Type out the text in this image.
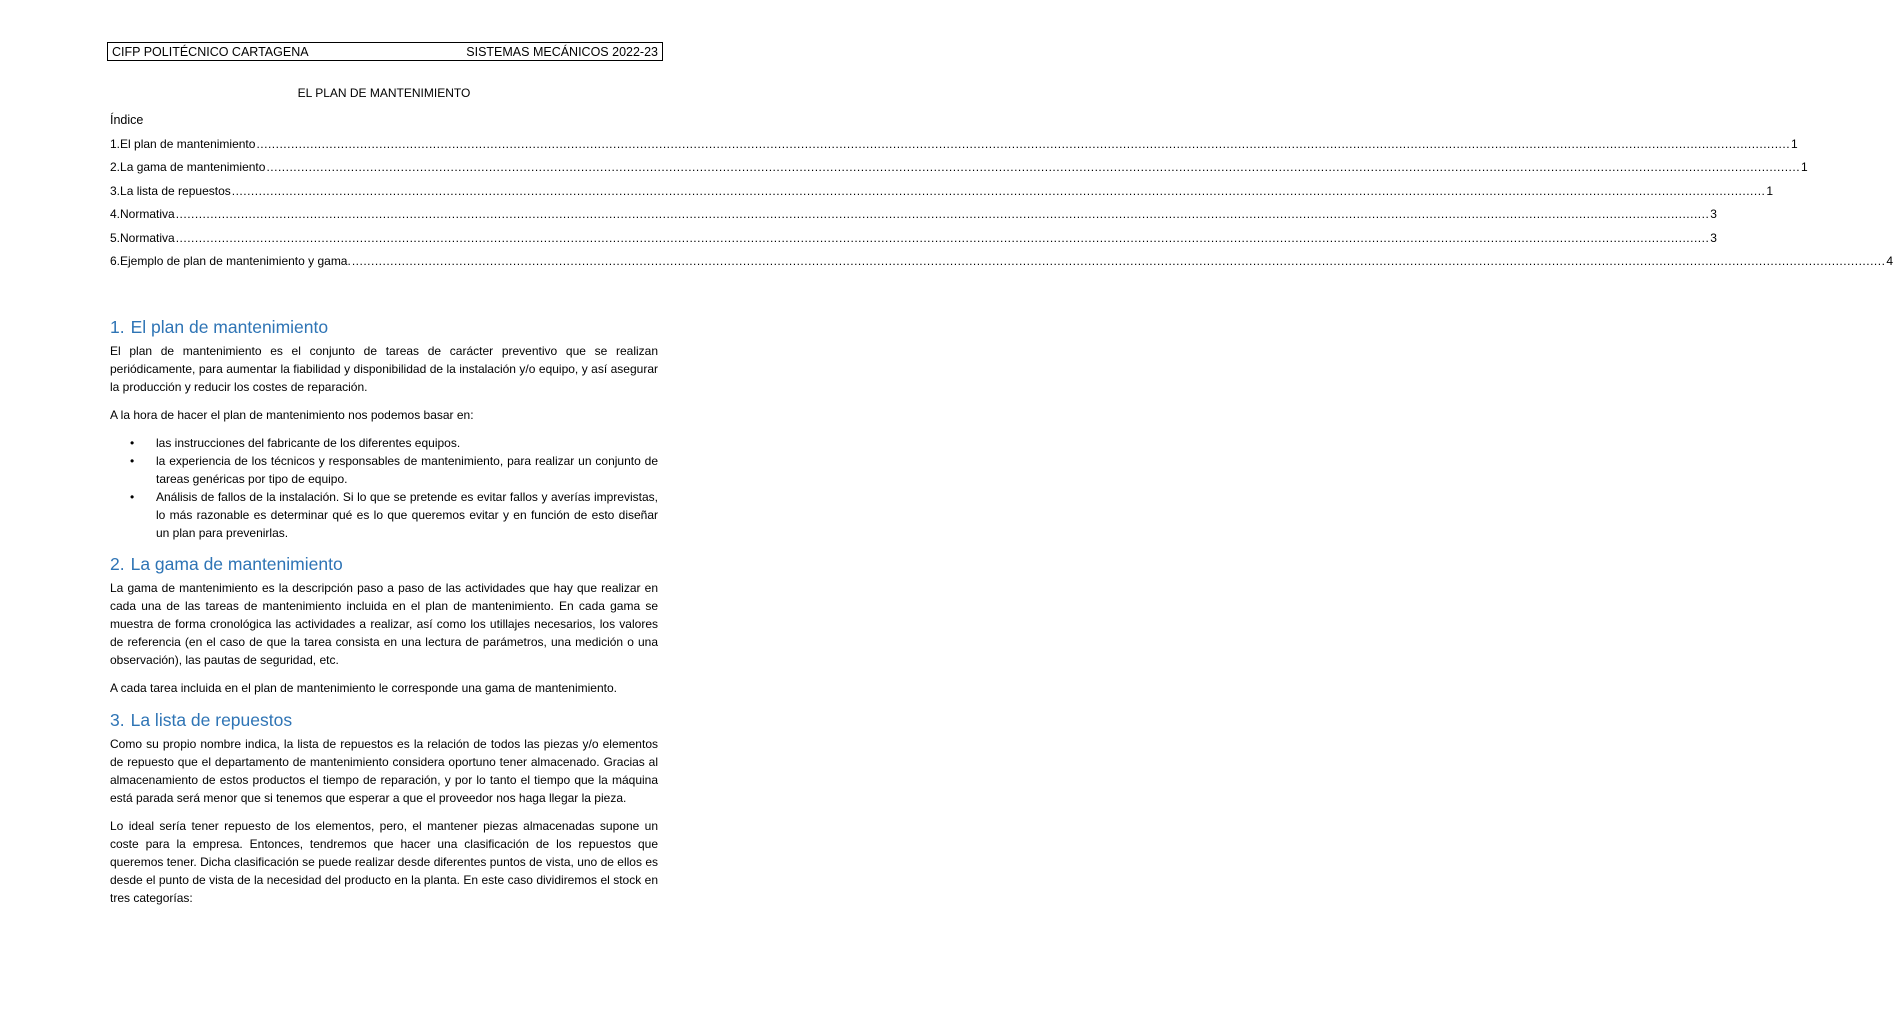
CIFP POLITÉCNICO CARTAGENA	SISTEMAS MECÁNICOS 2022-23
EL PLAN DE MANTENIMIENTO
Índice
1. El plan de mantenimiento ................................................................................................................................................................................................................................................................................................................................................................................................................ 1
2. La gama de mantenimiento ................................................................................................................................................................................................................................................................................................................................................................................................................ 1
3. La lista de repuestos ................................................................................................................................................................................................................................................................................................................................................................................................................ 1
4. Normativa ................................................................................................................................................................................................................................................................................................................................................................................................................ 3
5. Normativa ................................................................................................................................................................................................................................................................................................................................................................................................................ 3
6. Ejemplo de plan de mantenimiento y gama. ................................................................................................................................................................................................................................................................................................................................................................................................................ 4
1. El plan de mantenimiento

El plan de mantenimiento es el conjunto de tareas de carácter preventivo que se realizan periódicamente, para aumentar la fiabilidad y disponibilidad de la instalación y/o equipo, y así asegurar la producción y reducir los costes de reparación.

A la hora de hacer el plan de mantenimiento nos podemos basar en:

• las instrucciones del fabricante de los diferentes equipos.
• la experiencia de los técnicos y responsables de mantenimiento, para realizar un conjunto de tareas genéricas por tipo de equipo.
• Análisis de fallos de la instalación. Si lo que se pretende es evitar fallos y averías imprevistas, lo más razonable es determinar qué es lo que queremos evitar y en función de esto diseñar un plan para prevenirlas.
2. La gama de mantenimiento

La gama de mantenimiento es la descripción paso a paso de las actividades que hay que realizar en cada una de las tareas de mantenimiento incluida en el plan de mantenimiento. En cada gama se muestra de forma cronológica las actividades a realizar, así como los utillajes necesarios, los valores de referencia (en el caso de que la tarea consista en una lectura de parámetros, una medición o una observación), las pautas de seguridad, etc.

A cada tarea incluida en el plan de mantenimiento le corresponde una gama de mantenimiento.

3. La lista de repuestos

Como su propio nombre indica, la lista de repuestos es la relación de todos las piezas y/o elementos de repuesto que el departamento de mantenimiento considera oportuno tener almacenado. Gracias al almacenamiento de estos productos el tiempo de reparación, y por lo tanto el tiempo que la máquina está parada será menor que si tenemos que esperar a que el proveedor nos haga llegar la pieza.

Lo ideal sería tener repuesto de los elementos, pero, el mantener piezas almacenadas supone un coste para la empresa. Entonces, tendremos que hacer una clasificación de los repuestos que queremos tener. Dicha clasificación se puede realizar desde diferentes puntos de vista, uno de ellos es desde el punto de vista de la necesidad del producto en la planta. En este caso dividiremos el stock en tres categorías:
